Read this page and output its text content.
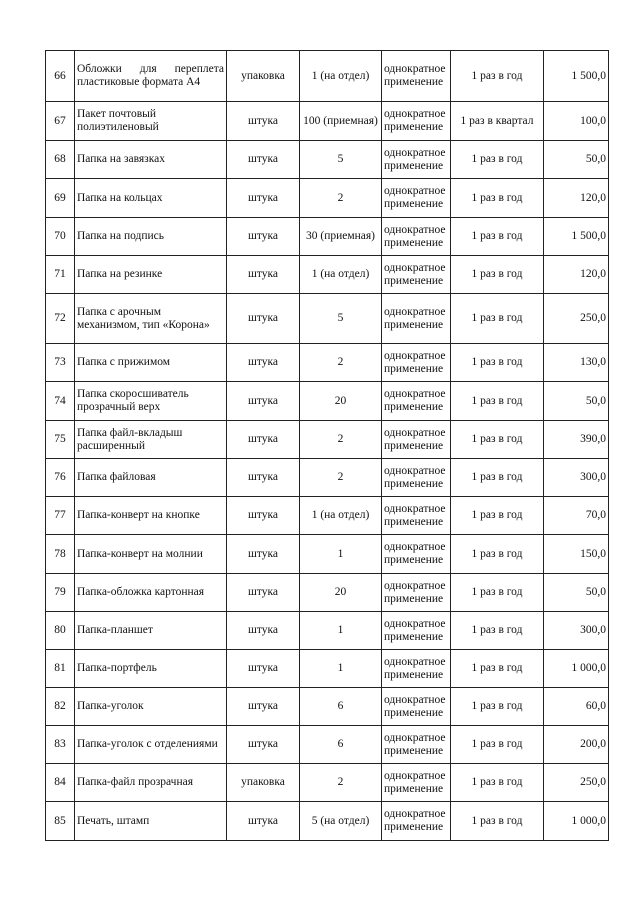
66	Обложки для переплета пластиковые формата А4	упаковка	1 (на отдел)	однократное применение	1 раз в год	1 500,0
67	Пакет почтовый полиэтиленовый	штука	100 (приемная)	однократное применение	1 раз в квартал	100,0
68	Папка на завязках	штука	5	однократное применение	1 раз в год	50,0
69	Папка на кольцах	штука	2	однократное применение	1 раз в год	120,0
70	Папка на подпись	штука	30 (приемная)	однократное применение	1 раз в год	1 500,0
71	Папка на резинке	штука	1 (на отдел)	однократное применение	1 раз в год	120,0
72	Папка с арочным механизмом, тип «Корона»	штука	5	однократное применение	1 раз в год	250,0
73	Папка с прижимом	штука	2	однократное применение	1 раз в год	130,0
74	Папка скоросшиватель прозрачный верх	штука	20	однократное применение	1 раз в год	50,0
75	Папка файл-вкладыш расширенный	штука	2	однократное применение	1 раз в год	390,0
76	Папка файловая	штука	2	однократное применение	1 раз в год	300,0
77	Папка-конверт на кнопке	штука	1 (на отдел)	однократное применение	1 раз в год	70,0
78	Папка-конверт на молнии	штука	1	однократное применение	1 раз в год	150,0
79	Папка-обложка картонная	штука	20	однократное применение	1 раз в год	50,0
80	Папка-планшет	штука	1	однократное применение	1 раз в год	300,0
81	Папка-портфель	штука	1	однократное применение	1 раз в год	1 000,0
82	Папка-уголок	штука	6	однократное применение	1 раз в год	60,0
83	Папка-уголок с отделениями	штука	6	однократное применение	1 раз в год	200,0
84	Папка-файл прозрачная	упаковка	2	однократное применение	1 раз в год	250,0
85	Печать, штамп	штука	5 (на отдел)	однократное применение	1 раз в год	1 000,0
